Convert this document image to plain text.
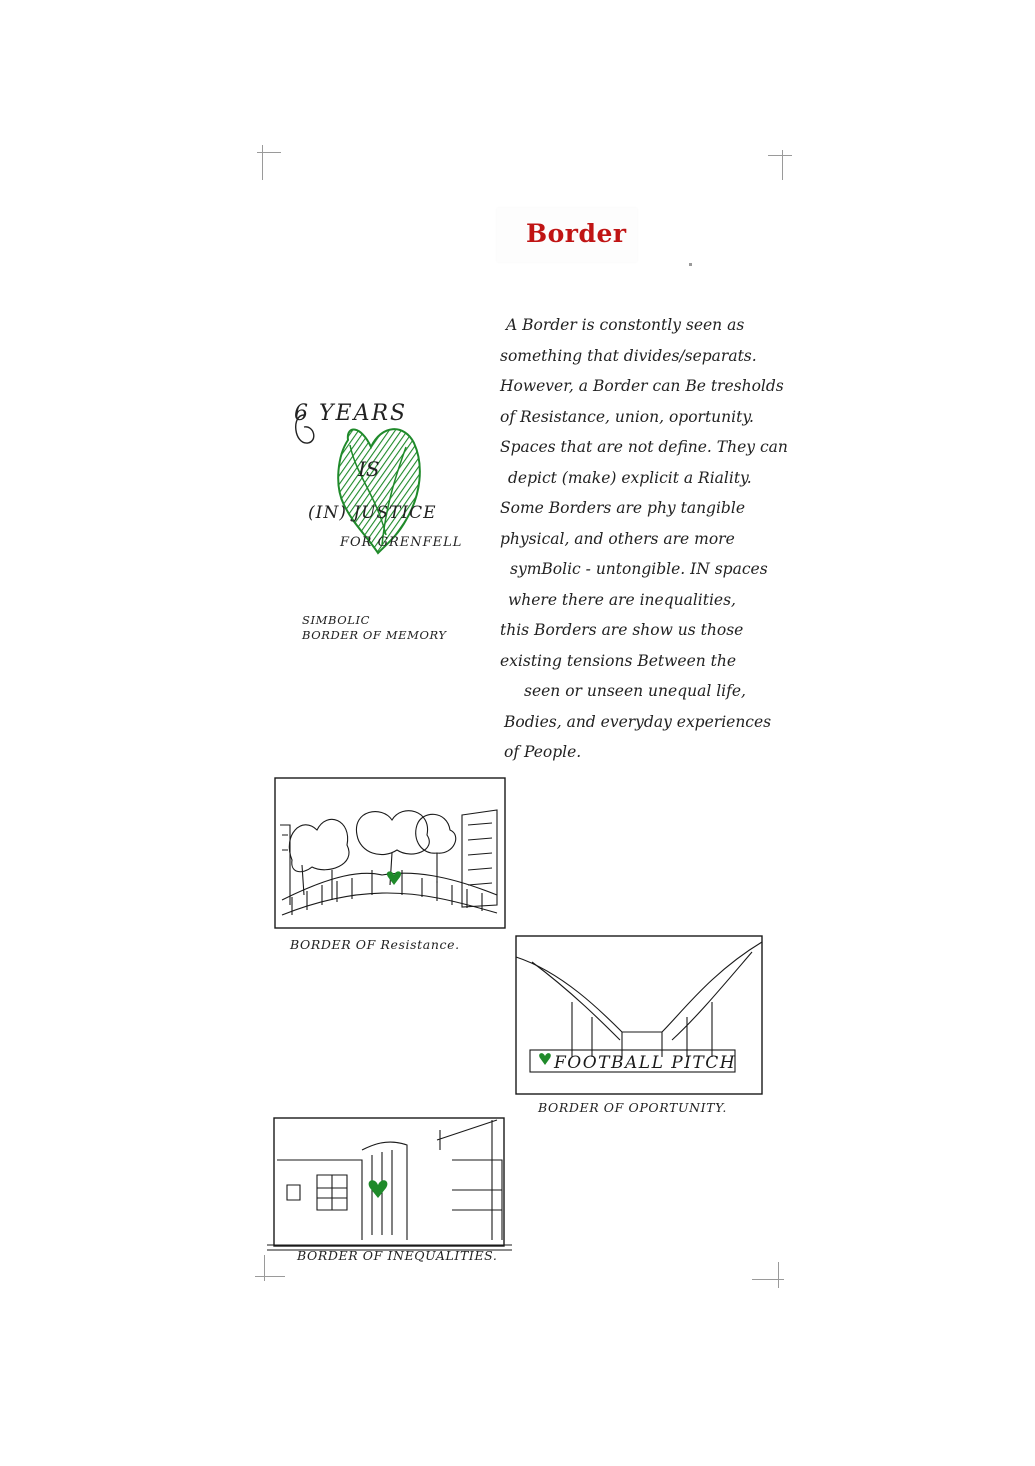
Border
A Border is constontly seen as
something that divides/separats.
However, a Border can Be tresholds
of Resistance, union, oportunity.
Spaces that are not define. They can
depict (make) explicit a Riality.
Some Borders are phy tangible
physical, and others are more
symBolic - untongible. IN spaces
where there are inequalities,
this Borders are show us those
existing tensions Between the
seen or unseen unequal life,
Bodies, and everyday experiences
of People.
6 YEARS
IS
(IN) JUSTICE
FOR GRENFELL
SIMBOLIC
BORDER OF MEMORY
BORDER OF Resistance.
FOOTBALL PITCH
BORDER OF OPORTUNITY.
BORDER OF INEQUALITIES.
